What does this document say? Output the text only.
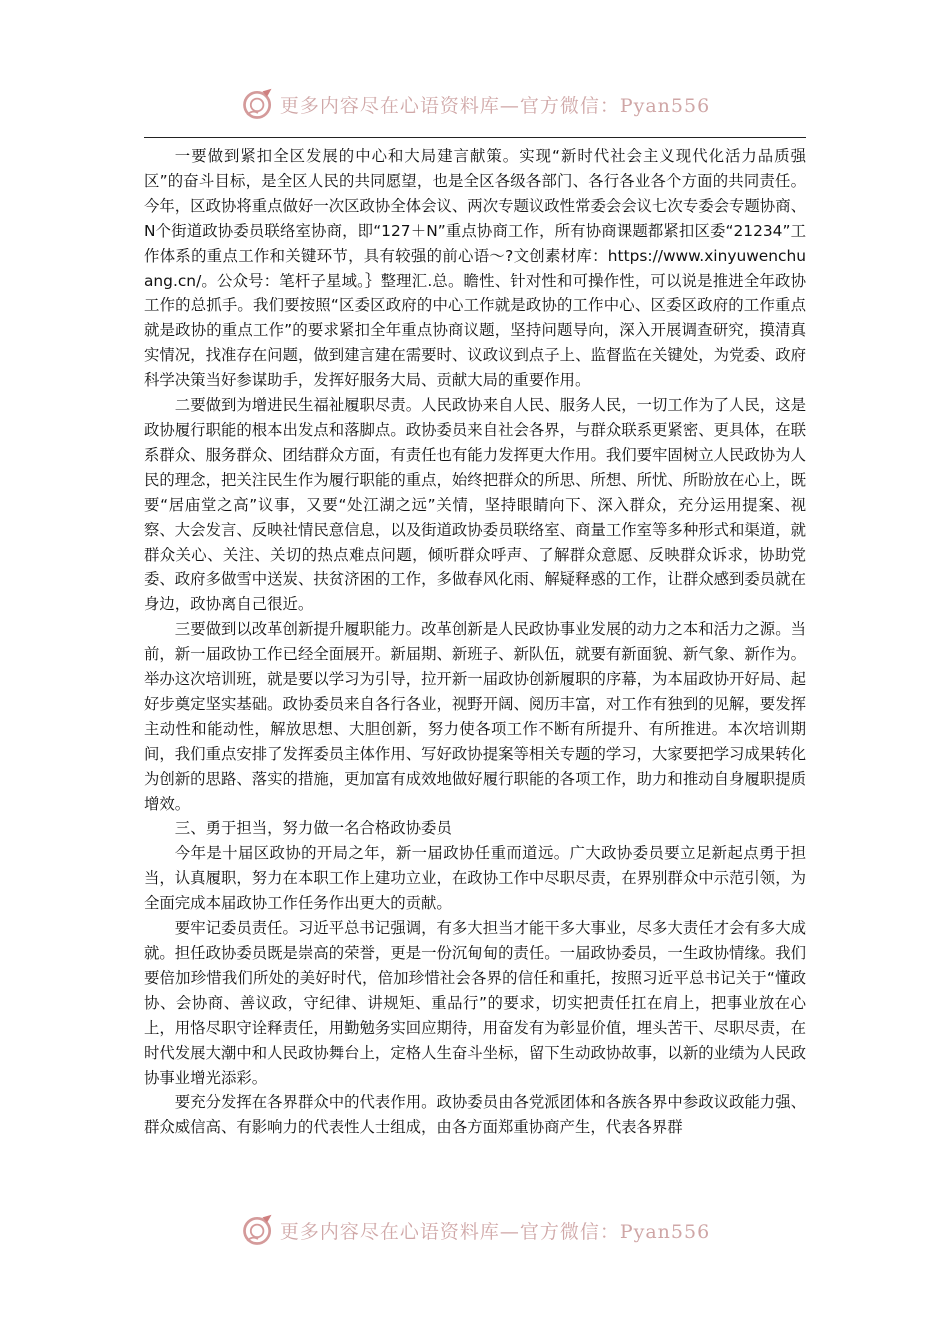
更多内容尽在心语资料库—官方微信：Pyan556

一要做到紧扣全区发展的中心和大局建言献策。实现“新时代社会主义现代化活力品质强区”的奋斗目标，是全区人民的共同愿望，也是全区各级各部门、各行各业各个方面的共同责任。今年，区政协将重点做好一次区政协全体会议、两次专题议政性常委会会议七次专委会专题协商、N个街道政协委员联络室协商，即“127＋N”重点协商工作，所有协商课题都紧扣区委“21234”工作体系的重点工作和关键环节，具有较强的前心语～?文创素材库：https://www.xinyuwenchuang.cn/。公众号：笔杆子星域。｝整理汇.总。瞻性、针对性和可操作性，可以说是推进全年政协工作的总抓手。我们要按照“区委区政府的中心工作就是政协的工作中心、区委区政府的工作重点就是政协的重点工作”的要求紧扣全年重点协商议题，坚持问题导向，深入开展调查研究，摸清真实情况，找准存在问题，做到建言建在需要时、议政议到点子上、监督监在关键处，为党委、政府科学决策当好参谋助手，发挥好服务大局、贡献大局的重要作用。

二要做到为增进民生福祉履职尽责。人民政协来自人民、服务人民，一切工作为了人民，这是政协履行职能的根本出发点和落脚点。政协委员来自社会各界，与群众联系更紧密、更具体，在联系群众、服务群众、团结群众方面，有责任也有能力发挥更大作用。我们要牢固树立人民政协为人民的理念，把关注民生作为履行职能的重点，始终把群众的所思、所想、所忧、所盼放在心上，既要“居庙堂之高”议事，又要“处江湖之远”关情，坚持眼睛向下、深入群众，充分运用提案、视察、大会发言、反映社情民意信息，以及街道政协委员联络室、商量工作室等多种形式和渠道，就群众关心、关注、关切的热点难点问题，倾听群众呼声、了解群众意愿、反映群众诉求，协助党委、政府多做雪中送炭、扶贫济困的工作，多做春风化雨、解疑释惑的工作，让群众感到委员就在身边，政协离自己很近。

三要做到以改革创新提升履职能力。改革创新是人民政协事业发展的动力之本和活力之源。当前，新一届政协工作已经全面展开。新届期、新班子、新队伍，就要有新面貌、新气象、新作为。举办这次培训班，就是要以学习为引导，拉开新一届政协创新履职的序幕，为本届政协开好局、起好步奠定坚实基础。政协委员来自各行各业，视野开阔、阅历丰富，对工作有独到的见解，要发挥主动性和能动性，解放思想、大胆创新，努力使各项工作不断有所提升、有所推进。本次培训期间，我们重点安排了发挥委员主体作用、写好政协提案等相关专题的学习，大家要把学习成果转化为创新的思路、落实的措施，更加富有成效地做好履行职能的各项工作，助力和推动自身履职提质增效。

三、勇于担当，努力做一名合格政协委员

今年是十届区政协的开局之年，新一届政协任重而道远。广大政协委员要立足新起点勇于担当，认真履职，努力在本职工作上建功立业，在政协工作中尽职尽责，在界别群众中示范引领，为全面完成本届政协工作任务作出更大的贡献。

要牢记委员责任。习近平总书记强调，有多大担当才能干多大事业，尽多大责任才会有多大成就。担任政协委员既是崇高的荣誉，更是一份沉甸甸的责任。一届政协委员，一生政协情缘。我们要倍加珍惜我们所处的美好时代，倍加珍惜社会各界的信任和重托，按照习近平总书记关于“懂政协、会协商、善议政，守纪律、讲规矩、重品行”的要求，切实把责任扛在肩上，把事业放在心上，用恪尽职守诠释责任，用勤勉务实回应期待，用奋发有为彰显价值，埋头苦干、尽职尽责，在时代发展大潮中和人民政协舞台上，定格人生奋斗坐标，留下生动政协故事，以新的业绩为人民政协事业增光添彩。

要充分发挥在各界群众中的代表作用。政协委员由各党派团体和各族各界中参政议政能力强、群众威信高、有影响力的代表性人士组成，由各方面郑重协商产生，代表各界群

更多内容尽在心语资料库—官方微信：Pyan556
